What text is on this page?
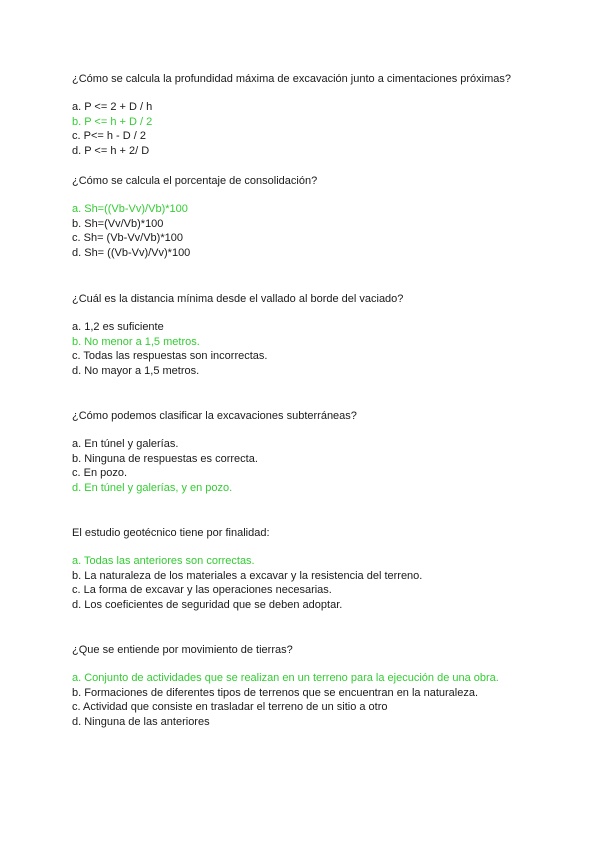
¿Cómo se calcula la profundidad máxima de excavación junto a cimentaciones próximas?

a. P <= 2 + D / h
b. P <= h + D / 2
c. P<= h - D / 2
d. P <= h + 2/ D

¿Cómo se calcula el porcentaje de consolidación?

a. Sh=((Vb-Vv)/Vb)*100
b. Sh=(Vv/Vb)*100
c. Sh= (Vb-Vv/Vb)*100
d. Sh= ((Vb-Vv)/Vv)*100

¿Cuál es la distancia mínima desde el vallado al borde del vaciado?

a. 1,2 es suficiente
b. No menor a 1,5 metros.
c. Todas las respuestas son incorrectas.
d. No mayor a 1,5 metros.

¿Cómo podemos clasificar la excavaciones subterráneas?

a. En túnel y galerías.
b. Ninguna de respuestas es correcta.
c. En pozo.
d. En túnel y galerías, y en pozo.

El estudio geotécnico tiene por finalidad:

a. Todas las anteriores son correctas.
b. La naturaleza de los materiales a excavar y la resistencia del terreno.
c. La forma de excavar y las operaciones necesarias.
d. Los coeficientes de seguridad que se deben adoptar.

¿Que se entiende por movimiento de tierras?

a. Conjunto de actividades que se realizan en un terreno para la ejecución de una obra.
b. Formaciones de diferentes tipos de terrenos que se encuentran en la naturaleza.
c. Actividad que consiste en trasladar el terreno de un sitio a otro
d. Ninguna de las anteriores
